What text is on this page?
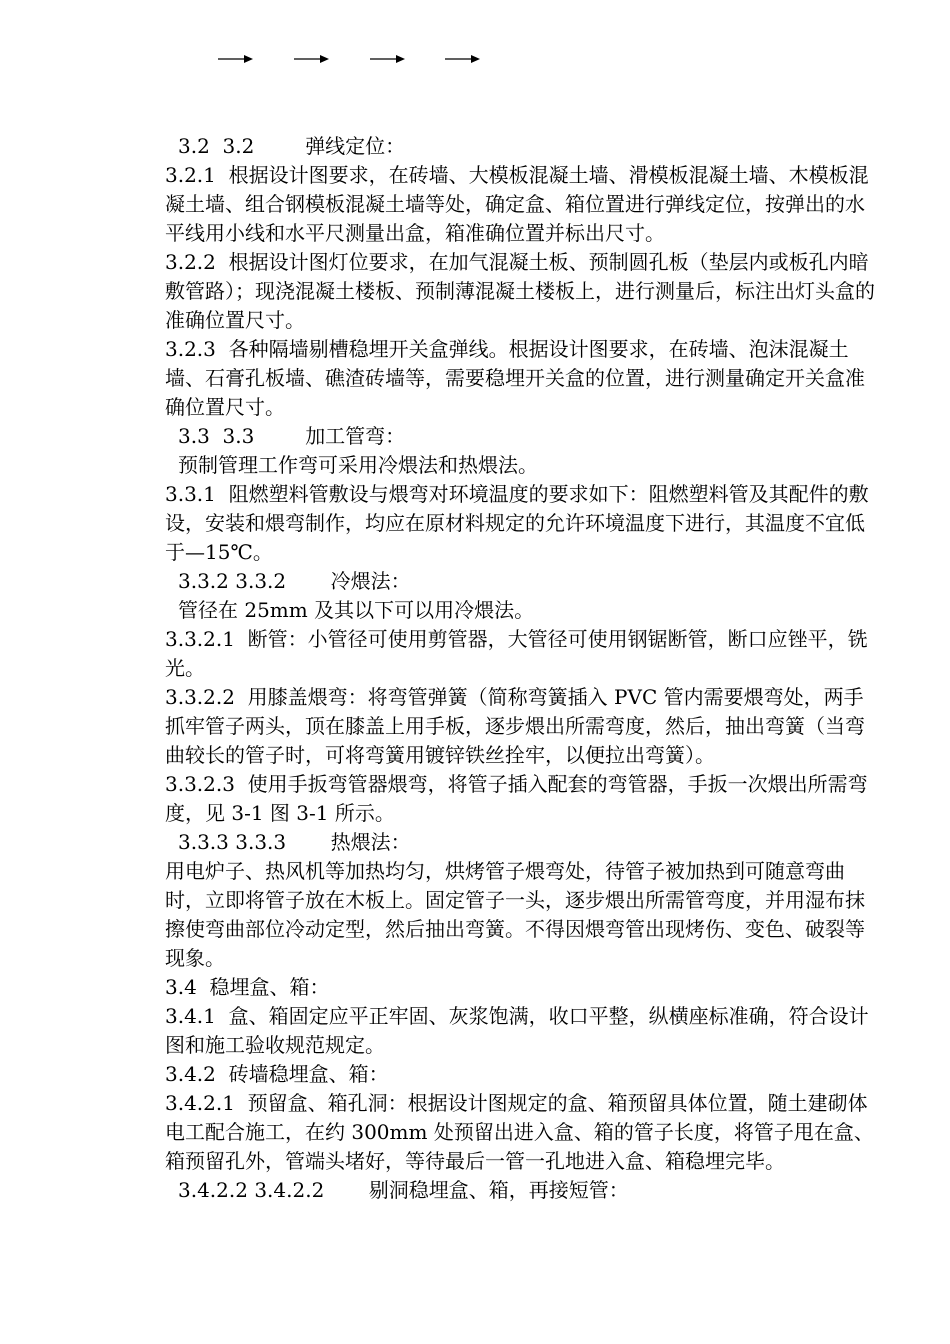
3.2  3.2        弹线定位：

3.2.1  根据设计图要求，在砖墙、大模板混凝土墙、滑模板混凝土墙、木模板混凝土墙、组合钢模板混凝土墙等处，确定盒、箱位置进行弹线定位，按弹出的水平线用小线和水平尺测量出盒，箱准确位置并标出尺寸。

3.2.2  根据设计图灯位要求，在加气混凝土板、预制圆孔板（垫层内或板孔内暗敷管路）；现浇混凝土楼板、预制薄混凝土楼板上，进行测量后，标注出灯头盒的准确位置尺寸。

3.2.3  各种隔墙剔槽稳埋开关盒弹线。根据设计图要求，在砖墙、泡沫混凝土墙、石膏孔板墙、礁渣砖墙等，需要稳埋开关盒的位置，进行测量确定开关盒准确位置尺寸。

3.3  3.3        加工管弯：

预制管理工作弯可采用冷煨法和热煨法。

3.3.1  阻燃塑料管敷设与煨弯对环境温度的要求如下：阻燃塑料管及其配件的敷设，安装和煨弯制作，均应在原材料规定的允许环境温度下进行，其温度不宜低于—15℃。

3.3.2 3.3.2       冷煨法：

管径在 25mm 及其以下可以用冷煨法。

3.3.2.1  断管：小管径可使用剪管器，大管径可使用钢锯断管，断口应锉平，铣光。

3.3.2.2  用膝盖煨弯：将弯管弹簧（简称弯簧插入 PVC 管内需要煨弯处，两手抓牢管子两头，顶在膝盖上用手板，逐步煨出所需弯度，然后，抽出弯簧（当弯曲较长的管子时，可将弯簧用镀锌铁丝拴牢，以便拉出弯簧）。

3.3.2.3  使用手扳弯管器煨弯，将管子插入配套的弯管器，手扳一次煨出所需弯度，见 3-1 图 3-1 所示。

3.3.3 3.3.3       热煨法：

用电炉子、热风机等加热均匀，烘烤管子煨弯处，待管子被加热到可随意弯曲时，立即将管子放在木板上。固定管子一头，逐步煨出所需管弯度，并用湿布抹擦使弯曲部位冷动定型，然后抽出弯簧。不得因煨弯管出现烤伤、变色、破裂等现象。

3.4  稳埋盒、箱：

3.4.1  盒、箱固定应平正牢固、灰浆饱满，收口平整，纵横座标准确，符合设计图和施工验收规范规定。

3.4.2  砖墙稳埋盒、箱：

3.4.2.1  预留盒、箱孔洞：根据设计图规定的盒、箱预留具体位置，随土建砌体电工配合施工，在约 300mm 处预留出进入盒、箱的管子长度，将管子甩在盒、箱预留孔外，管端头堵好，等待最后一管一孔地进入盒、箱稳埋完毕。

3.4.2.2 3.4.2.2       剔洞稳埋盒、箱，再接短管：
